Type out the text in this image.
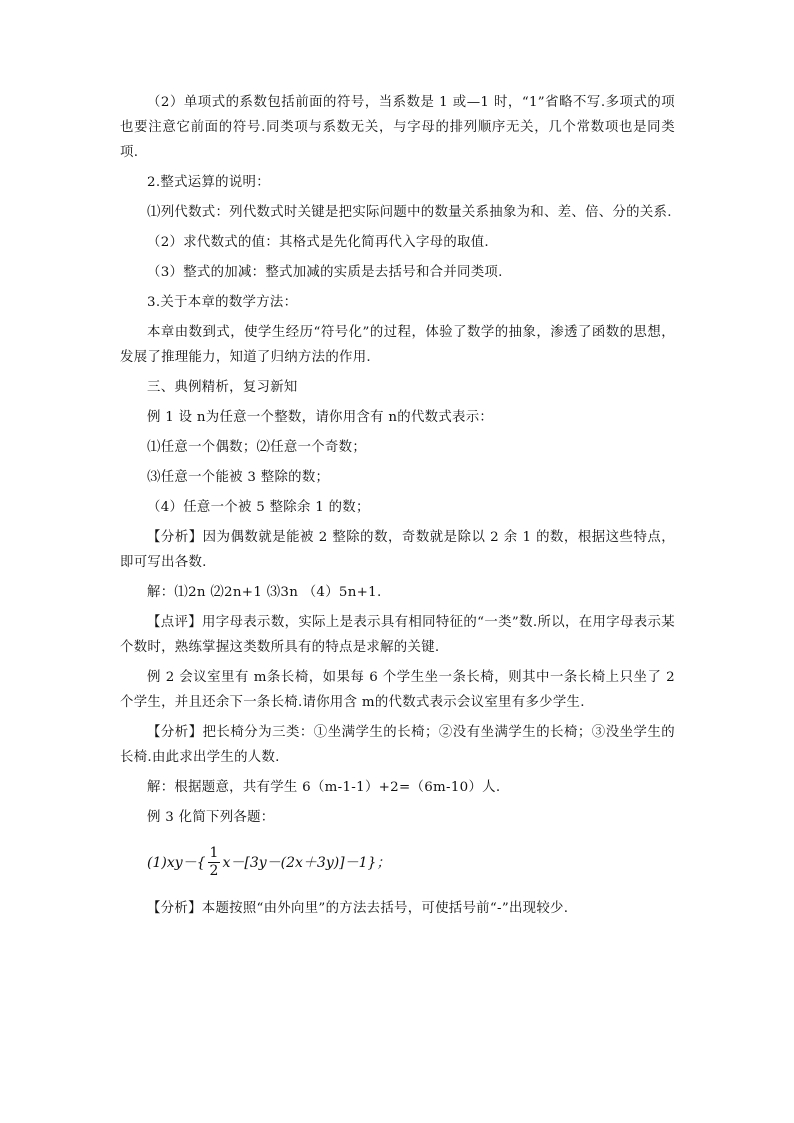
（2）单项式的系数包括前面的符号，当系数是 1 或—1 时，“1”省略不写.多项式的项也要注意它前面的符号.同类项与系数无关，与字母的排列顺序无关，几个常数项也是同类项.

2.整式运算的说明：

⑴列代数式：列代数式时关键是把实际问题中的数量关系抽象为和、差、倍、分的关系.

（2）求代数式的值：其格式是先化简再代入字母的取值.

（3）整式的加减：整式加减的实质是去括号和合并同类项.

3.关于本章的数学方法：

本章由数到式，使学生经历“符号化”的过程，体验了数学的抽象，渗透了函数的思想，发展了推理能力，知道了归纳方法的作用.

三、典例精析，复习新知

例 1 设 n为任意一个整数，请你用含有 n的代数式表示：

⑴任意一个偶数；⑵任意一个奇数；

⑶任意一个能被 3 整除的数；

（4）任意一个被 5 整除余 1 的数；

【分析】因为偶数就是能被 2 整除的数，奇数就是除以 2 余 1 的数，根据这些特点，即可写出各数.

解：⑴2n ⑵2n+1 ⑶3n （4）5n+1.

【点评】用字母表示数，实际上是表示具有相同特征的“一类”数.所以，在用字母表示某个数时，熟练掌握这类数所具有的特点是求解的关键.

例 2 会议室里有 m条长椅，如果每 6 个学生坐一条长椅，则其中一条长椅上只坐了 2 个学生，并且还余下一条长椅.请你用含 m的代数式表示会议室里有多少学生.

【分析】把长椅分为三类：①坐满学生的长椅；②没有坐满学生的长椅；③没坐学生的长椅.由此求出学生的人数.

解：根据题意，共有学生 6（m-1-1）+2=（6m-10）人.

例 3 化简下列各题：

$(1)xy-\{ \frac{1}{2} x-[3y-(2x+3y)]-1\}$；

【分析】本题按照“由外向里”的方法去括号，可使括号前“-”出现较少.
